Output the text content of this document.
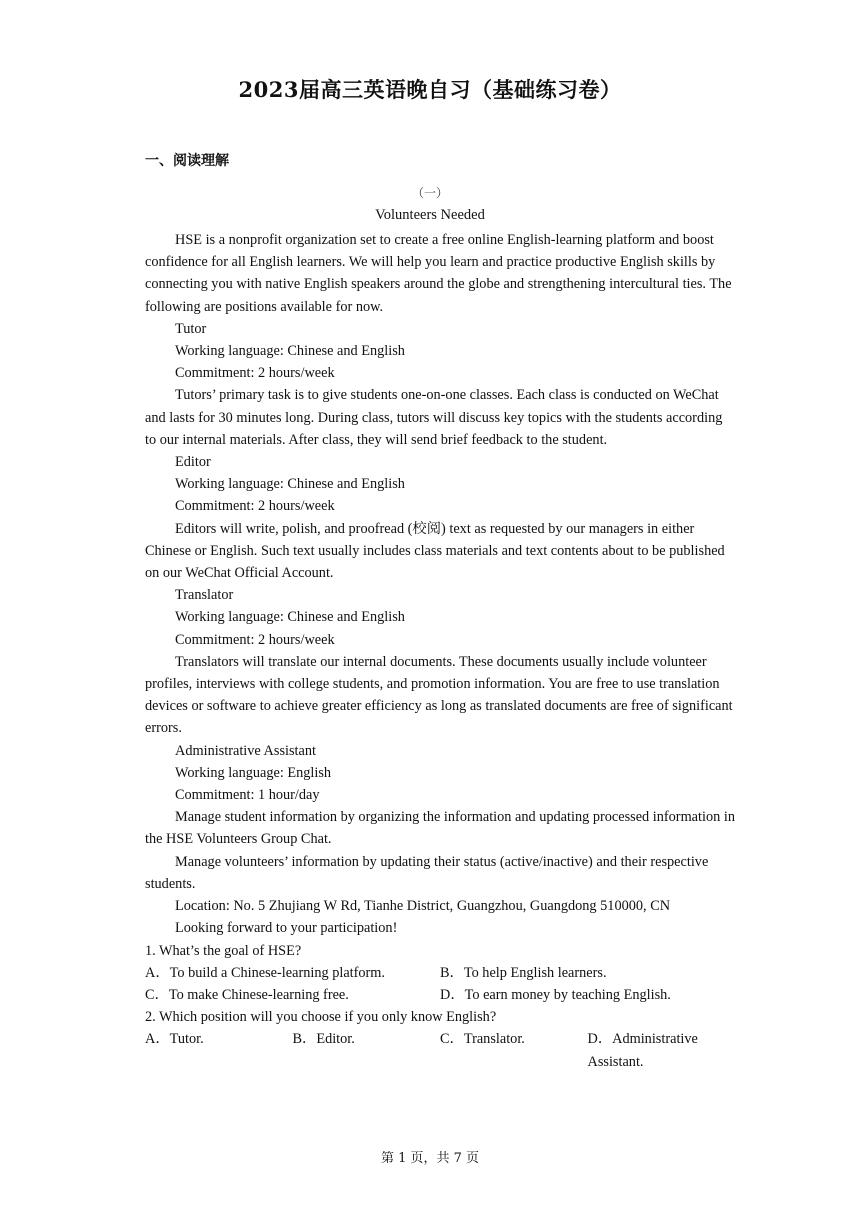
2023届高三英语晚自习（基础练习卷）
一、阅读理解
（一）
Volunteers Needed

HSE is a nonprofit organization set to create a free online English-learning platform and boost confidence for all English learners. We will help you learn and practice productive English skills by connecting you with native English speakers around the globe and strengthening intercultural ties. The following are positions available for now.

Tutor

Working language: Chinese and English

Commitment: 2 hours/week

Tutors’ primary task is to give students one-on-one classes. Each class is conducted on WeChat and lasts for 30 minutes long. During class, tutors will discuss key topics with the students according to our internal materials. After class, they will send brief feedback to the student.

Editor

Working language: Chinese and English

Commitment: 2 hours/week

Editors will write, polish, and proofread (校阅) text as requested by our managers in either Chinese or English. Such text usually includes class materials and text contents about to be published on our WeChat Official Account.

Translator

Working language: Chinese and English

Commitment: 2 hours/week

Translators will translate our internal documents. These documents usually include volunteer profiles, interviews with college students, and promotion information. You are free to use translation devices or software to achieve greater efficiency as long as translated documents are free of significant errors.

Administrative Assistant

Working language: English

Commitment: 1 hour/day

Manage student information by organizing the information and updating processed information in the HSE Volunteers Group Chat.

Manage volunteers’ information by updating their status (active/inactive) and their respective students.

Location: No. 5 Zhujiang W Rd, Tianhe District, Guangzhou, Guangdong 510000, CN

Looking forward to your participation!

1. What’s the goal of HSE?

A．To build a Chinese-learning platform.	B．To help English learners.
C．To make Chinese-learning free.	D．To earn money by teaching English.

2. Which position will you choose if you only know English?

A．Tutor.	B．Editor.	C．Translator.	D．Administrative Assistant.
第 1 页，共 7 页
